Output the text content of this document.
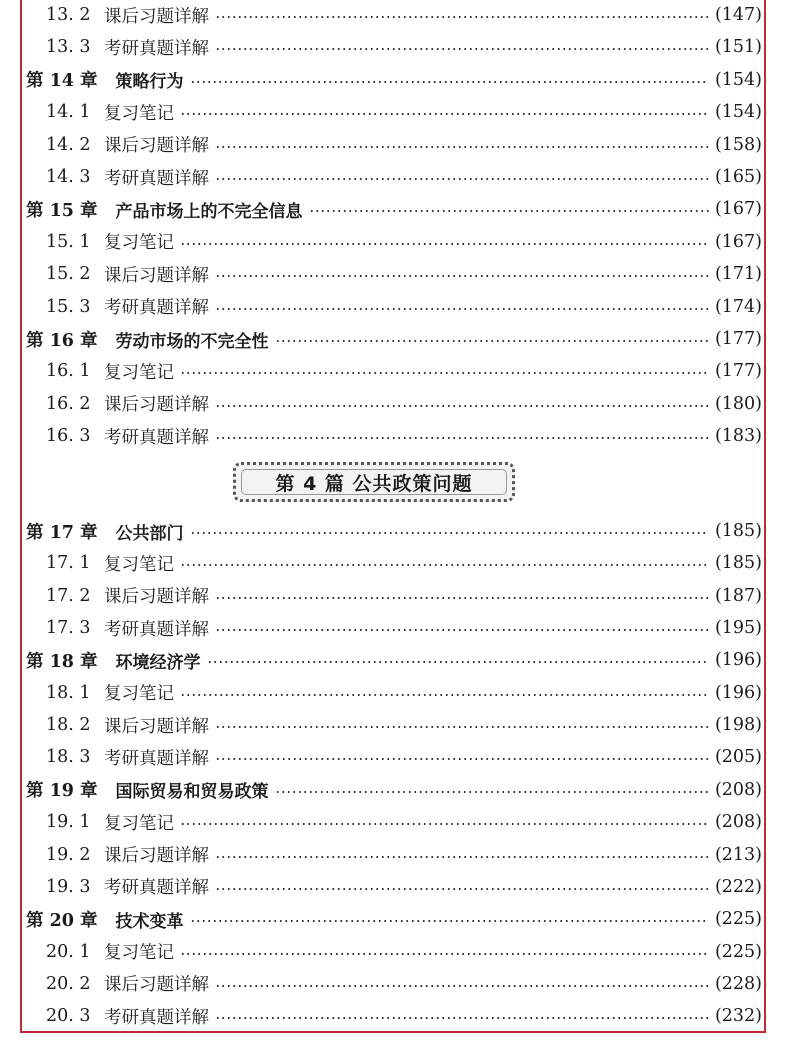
13. 2 课后习题详解	(147)
13. 3 考研真题详解	(151)
第 14 章 策略行为	(154)
14. 1 复习笔记	(154)
14. 2 课后习题详解	(158)
14. 3 考研真题详解	(165)
第 15 章 产品市场上的不完全信息	(167)
15. 1 复习笔记	(167)
15. 2 课后习题详解	(171)
15. 3 考研真题详解	(174)
第 16 章 劳动市场的不完全性	(177)
16. 1 复习笔记	(177)
16. 2 课后习题详解	(180)
16. 3 考研真题详解	(183)
第 4 篇 公共政策问题
第 17 章 公共部门	(185)
17. 1 复习笔记	(185)
17. 2 课后习题详解	(187)
17. 3 考研真题详解	(195)
第 18 章 环境经济学	(196)
18. 1 复习笔记	(196)
18. 2 课后习题详解	(198)
18. 3 考研真题详解	(205)
第 19 章 国际贸易和贸易政策	(208)
19. 1 复习笔记	(208)
19. 2 课后习题详解	(213)
19. 3 考研真题详解	(222)
第 20 章 技术变革	(225)
20. 1 复习笔记	(225)
20. 2 课后习题详解	(228)
20. 3 考研真题详解	(232)
